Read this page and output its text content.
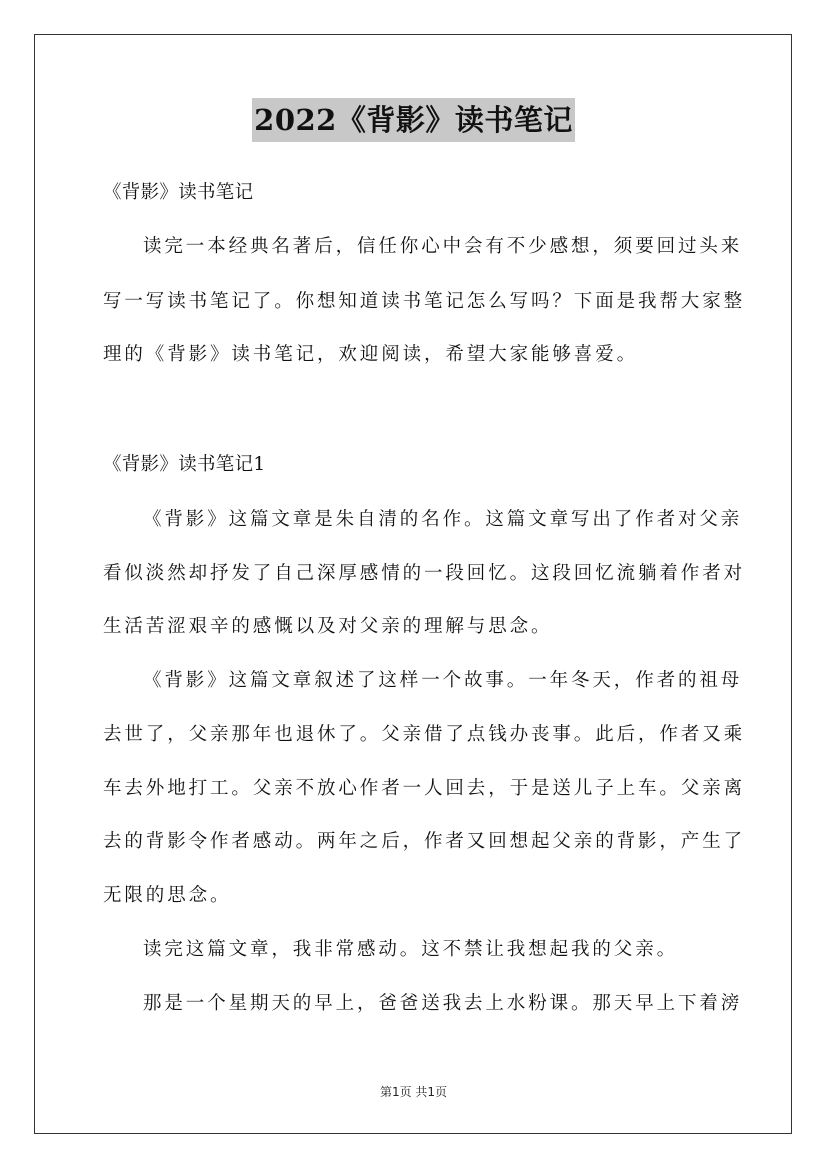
2022《背影》读书笔记
《背影》读书笔记
读完一本经典名著后，信任你心中会有不少感想，须要回过头来
写一写读书笔记了。你想知道读书笔记怎么写吗？下面是我帮大家整
理的《背影》读书笔记，欢迎阅读，希望大家能够喜爱。
《背影》读书笔记1
《背影》这篇文章是朱自清的名作。这篇文章写出了作者对父亲
看似淡然却抒发了自己深厚感情的一段回忆。这段回忆流躺着作者对
生活苦涩艰辛的感慨以及对父亲的理解与思念。
《背影》这篇文章叙述了这样一个故事。一年冬天，作者的祖母
去世了，父亲那年也退休了。父亲借了点钱办丧事。此后，作者又乘
车去外地打工。父亲不放心作者一人回去，于是送儿子上车。父亲离
去的背影令作者感动。两年之后，作者又回想起父亲的背影，产生了
无限的思念。
读完这篇文章，我非常感动。这不禁让我想起我的父亲。
那是一个星期天的早上，爸爸送我去上水粉课。那天早上下着滂
第1页 共1页
